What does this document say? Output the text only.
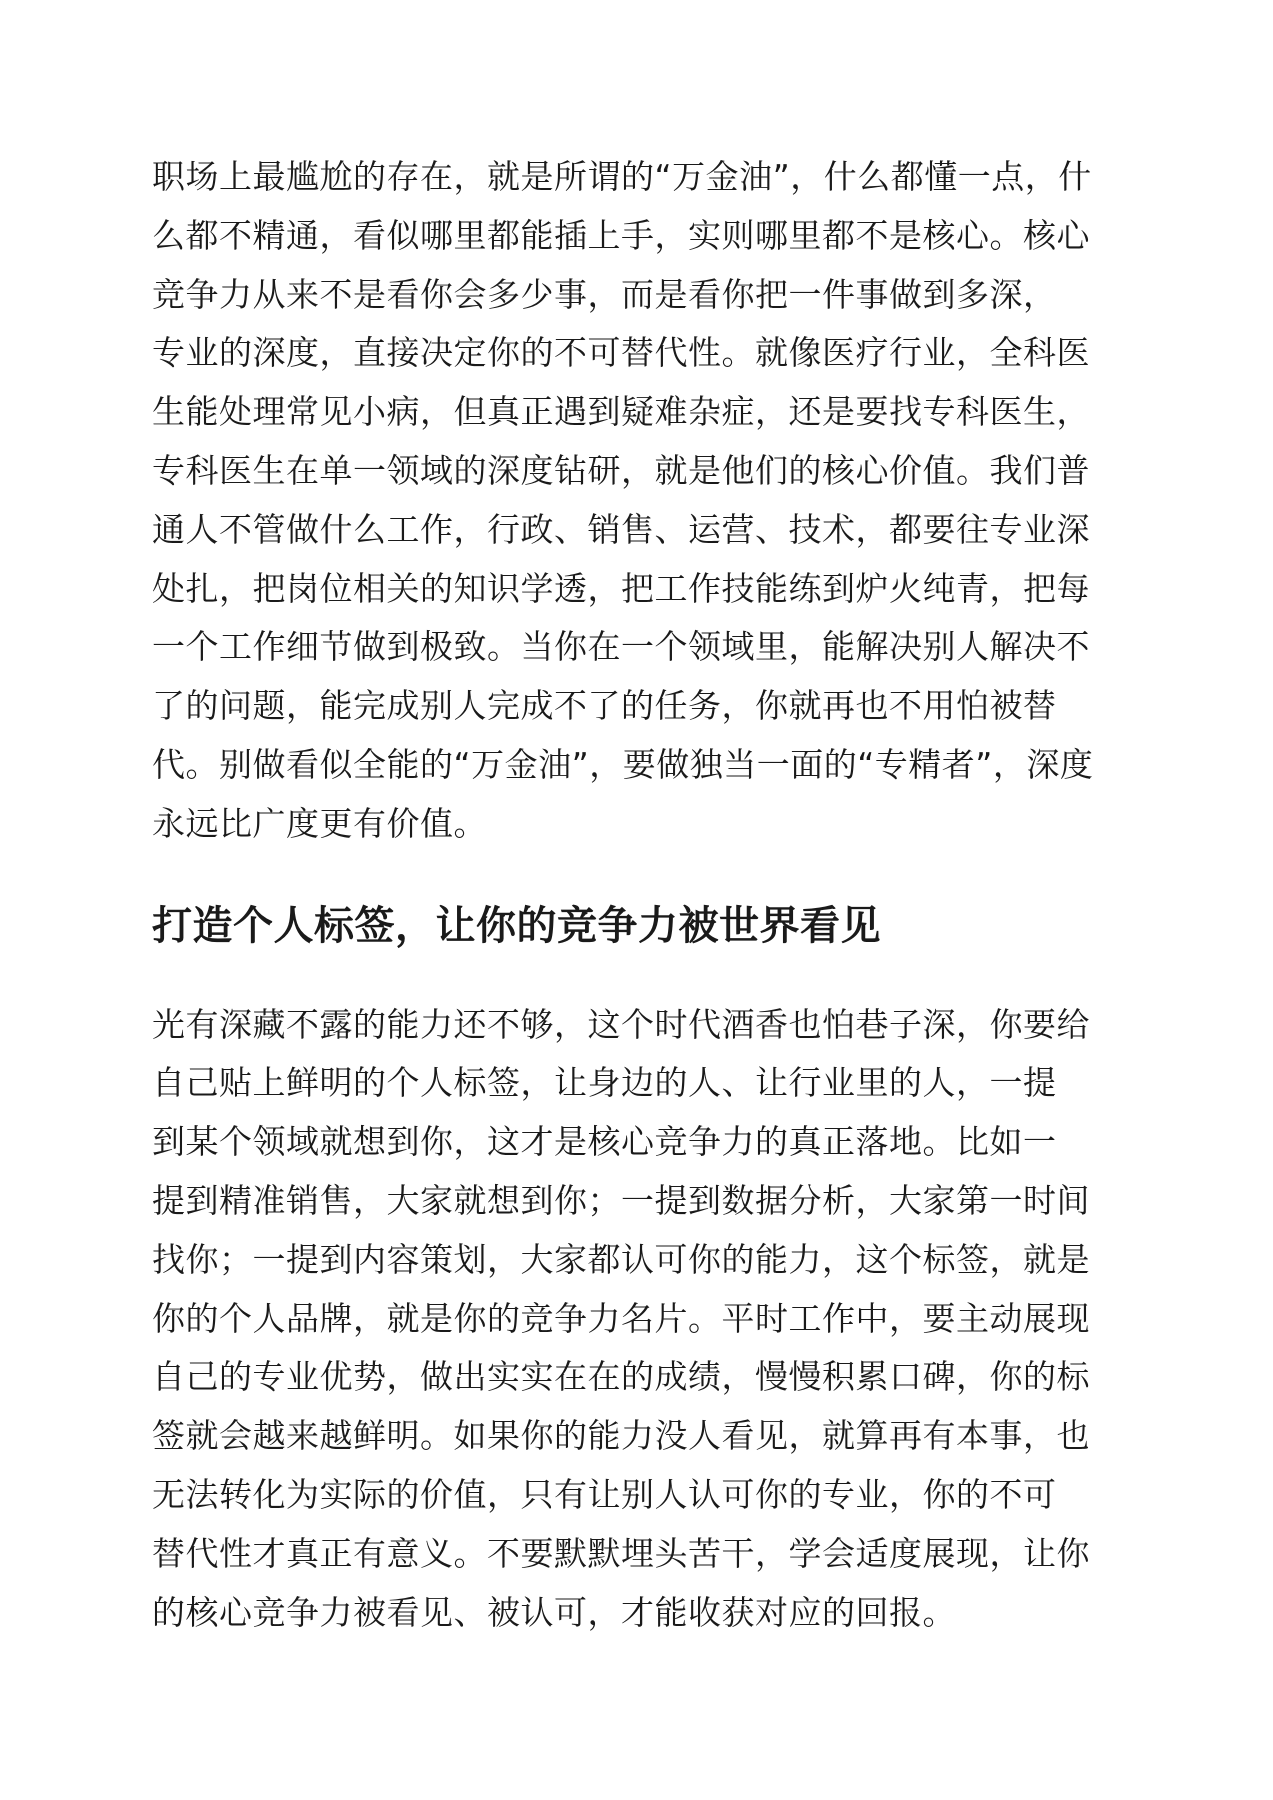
职场上最尴尬的存在，就是所谓的“万金油”，什么都懂一点，什
么都不精通，看似哪里都能插上手，实则哪里都不是核心。核心
竞争力从来不是看你会多少事，而是看你把一件事做到多深，
专业的深度，直接决定你的不可替代性。就像医疗行业，全科医
生能处理常见小病，但真正遇到疑难杂症，还是要找专科医生，
专科医生在单一领域的深度钻研，就是他们的核心价值。我们普
通人不管做什么工作，行政、销售、运营、技术，都要往专业深
处扎，把岗位相关的知识学透，把工作技能练到炉火纯青，把每
一个工作细节做到极致。当你在一个领域里，能解决别人解决不
了的问题，能完成别人完成不了的任务，你就再也不用怕被替
代。别做看似全能的“万金油”，要做独当一面的“专精者”，深度
永远比广度更有价值。
打造个人标签，让你的竞争力被世界看见
光有深藏不露的能力还不够，这个时代酒香也怕巷子深，你要给
自己贴上鲜明的个人标签，让身边的人、让行业里的人，一提
到某个领域就想到你，这才是核心竞争力的真正落地。比如一
提到精准销售，大家就想到你；一提到数据分析，大家第一时间
找你；一提到内容策划，大家都认可你的能力，这个标签，就是
你的个人品牌，就是你的竞争力名片。平时工作中，要主动展现
自己的专业优势，做出实实在在的成绩，慢慢积累口碑，你的标
签就会越来越鲜明。如果你的能力没人看见，就算再有本事，也
无法转化为实际的价值，只有让别人认可你的专业，你的不可
替代性才真正有意义。不要默默埋头苦干，学会适度展现，让你
的核心竞争力被看见、被认可，才能收获对应的回报。
